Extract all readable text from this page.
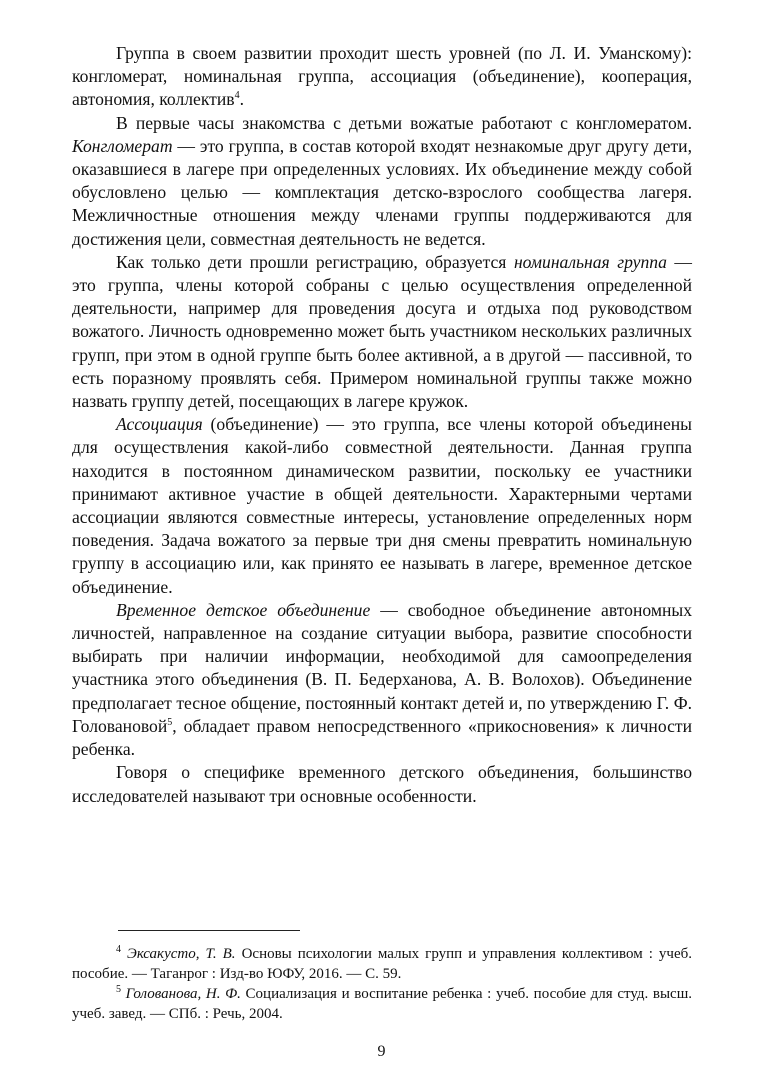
Группа в своем развитии проходит шесть уровней (по Л. И. Уманскому): конгломерат, номинальная группа, ассоциация (объединение), кооперация, автономия, коллектив$^4$.

В первые часы знакомства с детьми вожатые работают с конгломератом. Конгломерат — это группа, в состав которой входят незнакомые друг другу дети, оказавшиеся в лагере при определенных условиях. Их объединение между собой обусловлено целью — комплектация детско-взрослого сообщества лагеря. Межличностные отношения между членами группы поддерживаются для достижения цели, совместная деятельность не ведется.

Как только дети прошли регистрацию, образуется номинальная группа — это группа, члены которой собраны с целью осуществления определенной деятельности, например для проведения досуга и отдыха под руководством вожатого. Личность одновременно может быть участником нескольких различных групп, при этом в одной группе быть более активной, а в другой — пассивной, то есть поразному проявлять себя. Примером номинальной группы также можно назвать группу детей, посещающих в лагере кружок.

Ассоциация (объединение) — это группа, все члены которой объединены для осуществления какой-либо совместной деятельности. Данная группа находится в постоянном динамическом развитии, поскольку ее участники принимают активное участие в общей деятельности. Характерными чертами ассоциации являются совместные интересы, установление определенных норм поведения. Задача вожатого за первые три дня смены превратить номинальную группу в ассоциацию или, как принято ее называть в лагере, временное детское объединение.

Временное детское объединение — свободное объединение автономных личностей, направленное на создание ситуации выбора, развитие способности выбирать при наличии информации, необходимой для самоопределения участника этого объединения (В. П. Бедерханова, А. В. Волохов). Объединение предполагает тесное общение, постоянный контакт детей и, по утверждению Г. Ф. Головановой$^5$, обладает правом непосредственного «прикосновения» к личности ребенка.

Говоря о специфике временного детского объединения, большинство исследователей называют три основные особенности.

$^4$ Эксакусто, Т. В. Основы психологии малых групп и управления коллективом : учеб. пособие. — Таганрог : Изд-во ЮФУ, 2016. — С. 59.

$^5$ Голованова, Н. Ф. Социализация и воспитание ребенка : учеб. пособие для студ. высш. учеб. завед. — СПб. : Речь, 2004.

9
